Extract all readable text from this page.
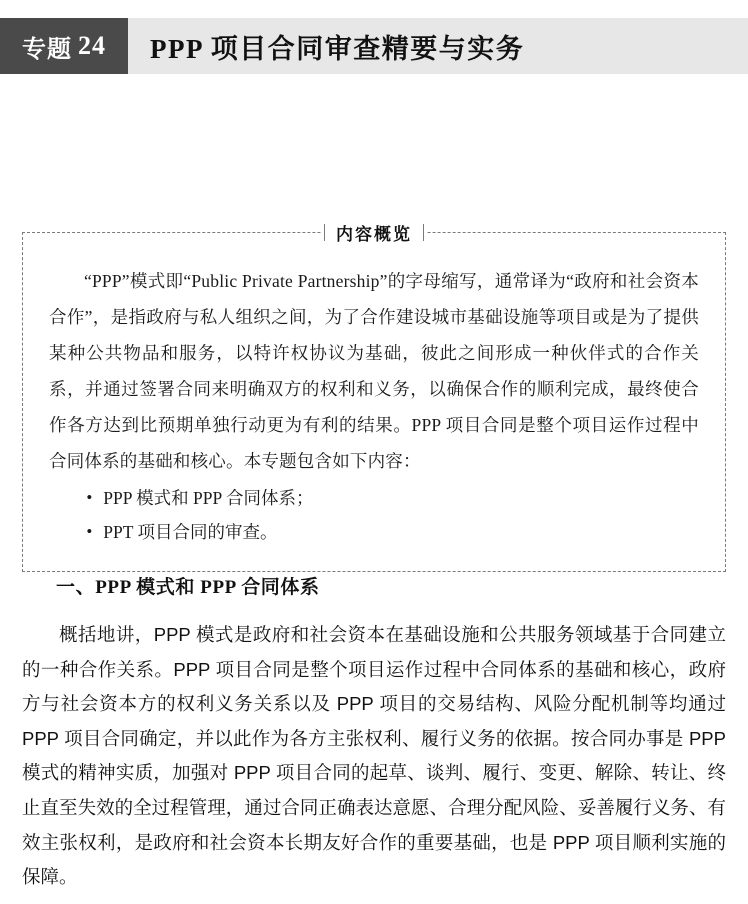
专题 24	PPP 项目合同审查精要与实务
内容概览

“PPP”模式即“Public Private Partnership”的字母缩写，通常译为“政府和社会资本合作”，是指政府与私人组织之间，为了合作建设城市基础设施等项目或是为了提供某种公共物品和服务，以特许权协议为基础，彼此之间形成一种伙伴式的合作关系，并通过签署合同来明确双方的权利和义务，以确保合作的顺利完成，最终使合作各方达到比预期单独行动更为有利的结果。PPP 项目合同是整个项目运作过程中合同体系的基础和核心。本专题包含如下内容：

• PPP 模式和 PPP 合同体系；
• PPT 项目合同的审查。
一、PPP 模式和 PPP 合同体系

概括地讲，PPP 模式是政府和社会资本在基础设施和公共服务领域基于合同建立的一种合作关系。PPP 项目合同是整个项目运作过程中合同体系的基础和核心，政府方与社会资本方的权利义务关系以及 PPP 项目的交易结构、风险分配机制等均通过 PPP 项目合同确定，并以此作为各方主张权利、履行义务的依据。按合同办事是 PPP 模式的精神实质，加强对 PPP 项目合同的起草、谈判、履行、变更、解除、转让、终止直至失效的全过程管理，通过合同正确表达意愿、合理分配风险、妥善履行义务、有效主张权利，是政府和社会资本长期友好合作的重要基础，也是 PPP 项目顺利实施的保障。
